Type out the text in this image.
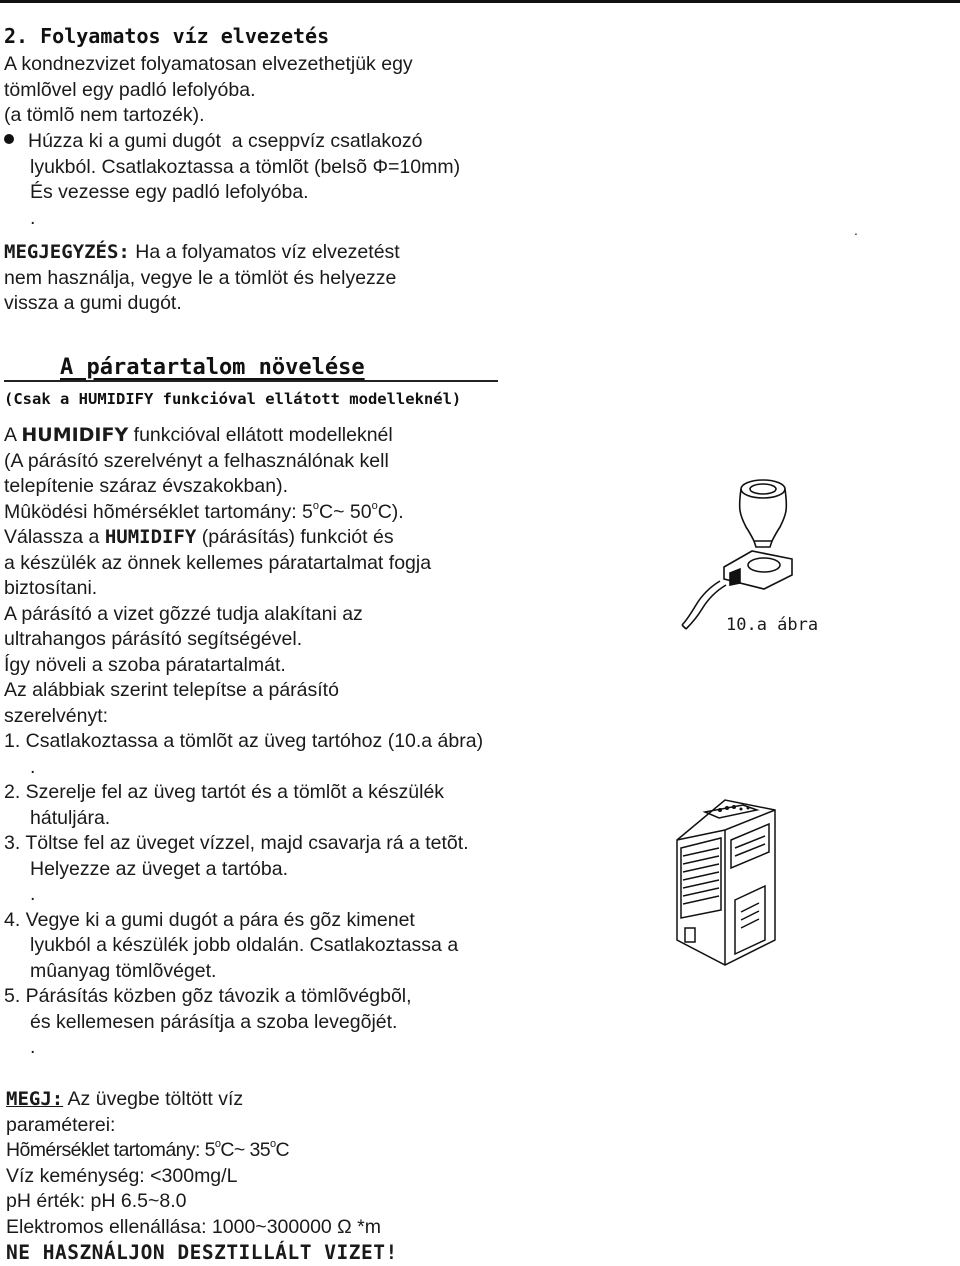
2. Folyamatos víz elvezetés
A kondnezvizet folyamatosan elvezethetjük egy
tömlõvel egy padló lefolyóba.
(a tömlõ nem tartozék).
Húzza ki a gumi dugót  a cseppvíz csatlakozó
lyukból. Csatlakoztassa a tömlõt (belsõ Φ=10mm)
És vezesse egy padló lefolyóba.
.
MEGJEGYZÉS: Ha a folyamatos víz elvezetést
nem használja, vegye le a tömlöt és helyezze
vissza a gumi dugót.
.
A páratartalom növelése
(Csak a HUMIDIFY funkcióval ellátott modelleknél)
A HUMIDIFY funkcióval ellátott modelleknél
(A párásító szerelvényt a felhasználónak kell
telepítenie száraz évszakokban).
Mûködési hõmérséklet tartomány: 5$^o$C~ 50$^o$C).
Válassza a HUMIDIFY (párásítás) funkciót és
a készülék az önnek kellemes páratartalmat fogja
biztosítani.
A párásító a vizet gõzzé tudja alakítani az
ultrahangos párásító segítségével.
Így növeli a szoba páratartalmát.
Az alábbiak szerint telepítse a párásító
szerelvényt:
1. Csatlakoztassa a tömlõt az üveg tartóhoz (10.a ábra)
.
2. Szerelje fel az üveg tartót és a tömlõt a készülék
hátuljára.
3. Töltse fel az üveget vízzel, majd csavarja rá a tetõt.
Helyezze az üveget a tartóba.
.
4. Vegye ki a gumi dugót a pára és gõz kimenet
lyukból a készülék jobb oldalán. Csatlakoztassa a
mûanyag tömlõvéget.
5. Párásítás közben gõz távozik a tömlõvégbõl,
és kellemesen párásítja a szoba levegõjét.
.
10.a ábra
MEGJ: Az üvegbe töltött víz
paraméterei:
Hõmérséklet tartomány: 5$^o$C~ 35$^o$C
Víz keménység: <300mg/L
pH érték: pH 6.5~8.0
Elektromos ellenállása: 1000~300000 Ω *m
NE HASZNÁLJON DESZTILLÁLT VIZET!
